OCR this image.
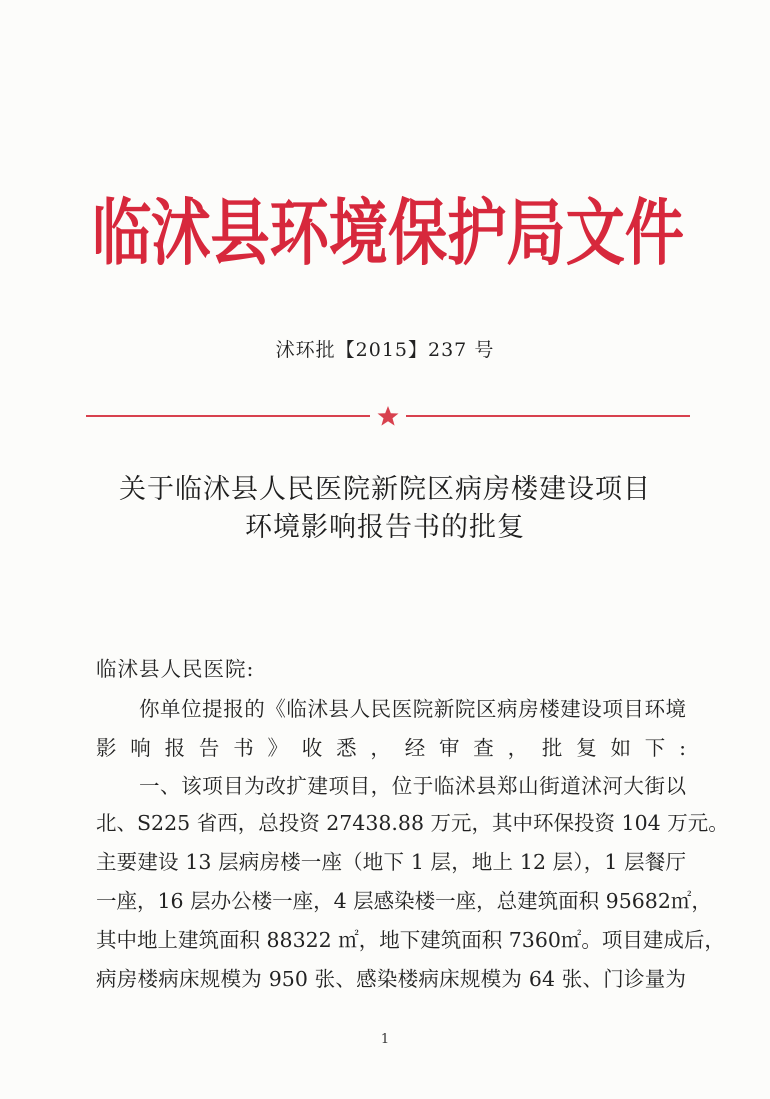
临沭县环境保护局文件
沭环批【2015】237 号
关于临沭县人民医院新院区病房楼建设项目
环境影响报告书的批复
临沭县人民医院:
你单位提报的《临沭县人民医院新院区病房楼建设项目环境
影响报告书》收悉，经审查，批复如下:
一、该项目为改扩建项目，位于临沭县郑山街道沭河大街以
北、S225 省西，总投资 27438.88 万元，其中环保投资 104 万元。
主要建设 13 层病房楼一座（地下 1 层，地上 12 层），1 层餐厅
一座，16 层办公楼一座，4 层感染楼一座，总建筑面积 95682㎡，
其中地上建筑面积 88322 ㎡，地下建筑面积 7360㎡。项目建成后，
病房楼病床规模为 950 张、感染楼病床规模为 64 张、门诊量为
1
